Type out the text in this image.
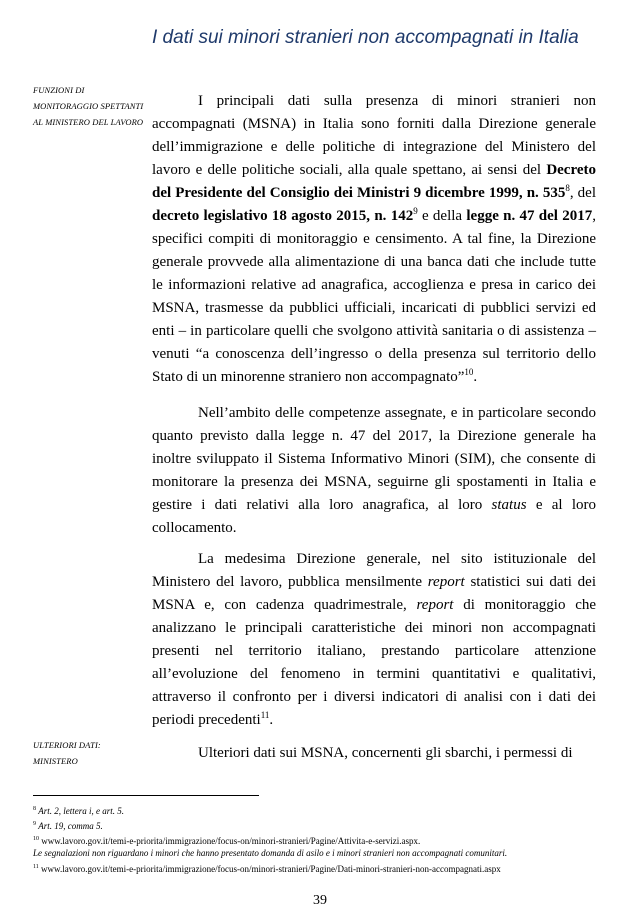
I dati sui minori stranieri non accompagnati in Italia
FUNZIONI DI MONITORAGGIO SPETTANTI AL MINISTERO DEL LAVORO

I principali dati sulla presenza di minori stranieri non accompagnati (MSNA) in Italia sono forniti dalla Direzione generale dell’immigrazione e delle politiche di integrazione del Ministero del lavoro e delle politiche sociali, alla quale spettano, ai sensi del Decreto del Presidente del Consiglio dei Ministri 9 dicembre 1999, n. $535^8$, del decreto legislativo 18 agosto 2015, n. $142^9$ e della legge n. 47 del 2017, specifici compiti di monitoraggio e censimento. A tal fine, la Direzione generale provvede alla alimentazione di una banca dati che include tutte le informazioni relative ad anagrafica, accoglienza e presa in carico dei MSNA, trasmesse da pubblici ufficiali, incaricati di pubblici servizi ed enti – in particolare quelli che svolgono attività sanitaria o di assistenza – venuti “a conoscenza dell’ingresso o della presenza sul territorio dello Stato di un minorenne straniero non accompagnato”$^{10}$.

Nell’ambito delle competenze assegnate, e in particolare secondo quanto previsto dalla legge n. 47 del 2017, la Direzione generale ha inoltre sviluppato il Sistema Informativo Minori (SIM), che consente di monitorare la presenza dei MSNA, seguirne gli spostamenti in Italia e gestire i dati relativi alla loro anagrafica, al loro status e al loro collocamento.

La medesima Direzione generale, nel sito istituzionale del Ministero del lavoro, pubblica mensilmente report statistici sui dati dei MSNA e, con cadenza quadrimestrale, report di monitoraggio che analizzano le principali caratteristiche dei minori non accompagnati presenti nel territorio italiano, prestando particolare attenzione all’evoluzione del fenomeno in termini quantitativi e qualitativi, attraverso il confronto per i diversi indicatori di analisi con i dati dei periodi precedenti$^{11}$.

ULTERIORI DATI: MINISTERO	Ulteriori dati sui MSNA, concernenti gli sbarchi, i permessi di

$^8$ Art. 2, lettera i, e art. 5.
$^9$ Art. 19, comma 5.
$^{10}$ www.lavoro.gov.it/temi-e-priorita/immigrazione/focus-on/minori-stranieri/Pagine/Attivita-e-servizi.aspx.
Le segnalazioni non riguardano i minori che hanno presentato domanda di asilo e i minori stranieri non accompagnati comunitari.
$^{11}$ www.lavoro.gov.it/temi-e-priorita/immigrazione/focus-on/minori-stranieri/Pagine/Dati-minori-stranieri-non-accompagnati.aspx
39
